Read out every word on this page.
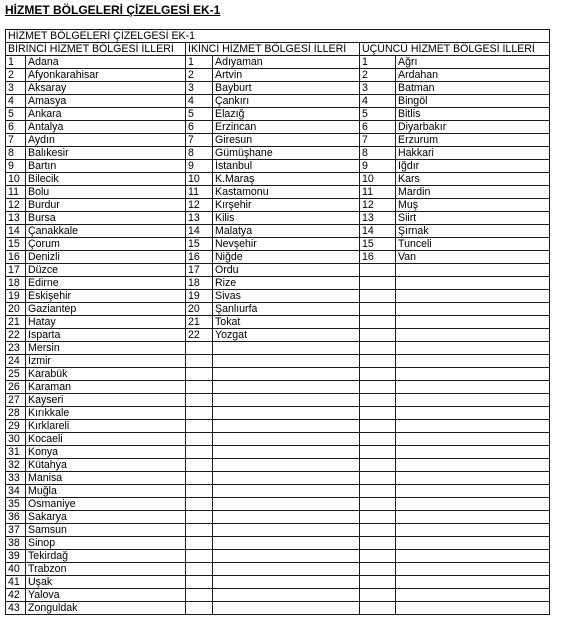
HİZMET BÖLGELERİ ÇİZELGESİ EK-1
HİZMET BÖLGELERİ ÇİZELGESİ EK-1					
BİRİNCİ HİZMET BÖLGESİ İLLERİ		İKİNCİ HİZMET BÖLGESİ İLLERİ		ÜÇÜNCÜ HİZMET BÖLGESİ İLLERİ	
1	Adana	1	Adıyaman	1	Ağrı
2	Afyonkarahisar	2	Artvin	2	Ardahan
3	Aksaray	3	Bayburt	3	Batman
4	Amasya	4	Çankırı	4	Bingöl
5	Ankara	5	Elazığ	5	Bitlis
6	Antalya	6	Erzincan	6	Diyarbakır
7	Aydın	7	Giresun	7	Erzurum
8	Balıkesir	8	Gümüşhane	8	Hakkari
9	Bartın	9	İstanbul	9	Iğdır
10	Bilecik	10	K.Maraş	10	Kars
11	Bolu	11	Kastamonu	11	Mardin
12	Burdur	12	Kırşehir	12	Muş
13	Bursa	13	Kilis	13	Siirt
14	Çanakkale	14	Malatya	14	Şırnak
15	Çorum	15	Nevşehir	15	Tunceli
16	Denizli	16	Niğde	16	Van
17	Düzce	17	Ordu		
18	Edirne	18	Rize		
19	Eskişehir	19	Sivas		
20	Gaziantep	20	Şanlıurfa		
21	Hatay	21	Tokat		
22	Isparta	22	Yozgat		
23	Mersin				
24	İzmir				
25	Karabük				
26	Karaman				
27	Kayseri				
28	Kırıkkale				
29	Kırklareli				
30	Kocaeli				
31	Konya				
32	Kütahya				
33	Manisa				
34	Muğla				
35	Osmaniye				
36	Sakarya				
37	Samsun				
38	Sinop				
39	Tekirdağ				
40	Trabzon				
41	Uşak				
42	Yalova				
43	Zonguldak				
